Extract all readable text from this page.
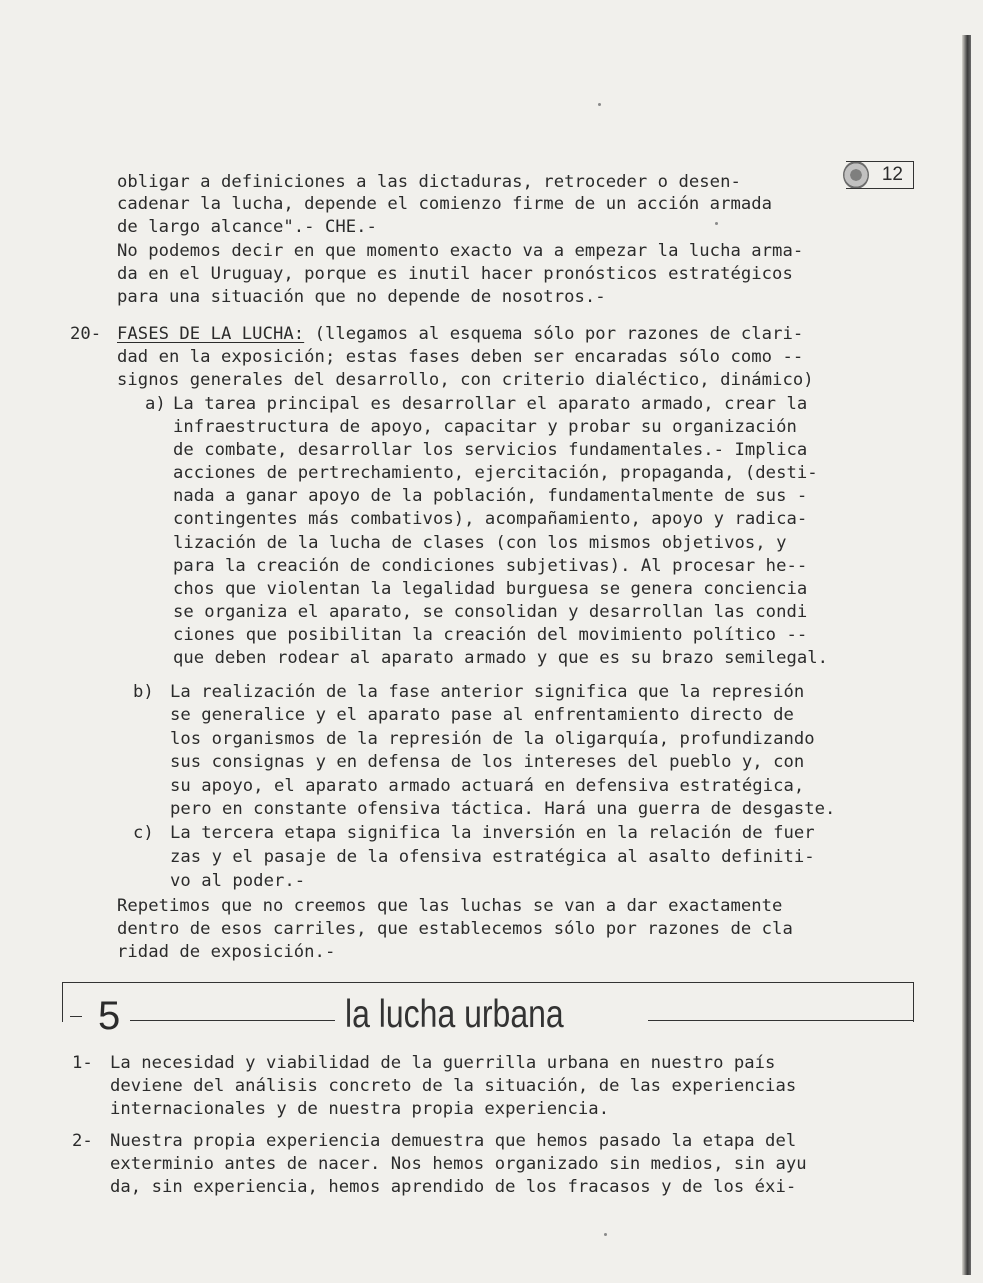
12
obligar a definiciones a las dictaduras, retroceder o desen-
cadenar la lucha, depende el comienzo firme de un acción armada
de largo alcance".- CHE.-
No podemos decir en que momento exacto va a empezar la lucha arma-
da en el Uruguay, porque es inutil hacer pronósticos estratégicos
para una situación que no depende de nosotros.-
20- FASES DE LA LUCHA: (llegamos al esquema sólo por razones de clari-
dad en la exposición; estas fases deben ser encaradas sólo como --
signos generales del desarrollo, con criterio dialéctico, dinámico)
a) La tarea principal es desarrollar el aparato armado, crear la
infraestructura de apoyo, capacitar y probar su organización
de combate, desarrollar los servicios fundamentales.- Implica
acciones de pertrechamiento, ejercitación, propaganda, (desti-
nada a ganar apoyo de la población, fundamentalmente de sus -
contingentes más combativos), acompañamiento, apoyo y radica-
lización de la lucha de clases (con los mismos objetivos, y
para la creación de condiciones subjetivas). Al procesar he--
chos que violentan la legalidad burguesa se genera conciencia
se organiza el aparato, se consolidan y desarrollan las condi
ciones que posibilitan la creación del movimiento político --
que deben rodear al aparato armado y que es su brazo semilegal.
b) La realización de la fase anterior significa que la represión
se generalice y el aparato pase al enfrentamiento directo de
los organismos de la represión de la oligarquía, profundizando
sus consignas y en defensa de los intereses del pueblo y, con
su apoyo, el aparato armado actuará en defensiva estratégica,
pero en constante ofensiva táctica. Hará una guerra de desgaste.
c) La tercera etapa significa la inversión en la relación de fuer
zas y el pasaje de la ofensiva estratégica al asalto definiti-
vo al poder.-
Repetimos que no creemos que las luchas se van a dar exactamente
dentro de esos carriles, que establecemos sólo por razones de cla
ridad de exposición.-
5	la lucha urbana
1- La necesidad y viabilidad de la guerrilla urbana en nuestro país
deviene del análisis concreto de la situación, de las experiencias
internacionales y de nuestra propia experiencia.
2- Nuestra propia experiencia demuestra que hemos pasado la etapa del
exterminio antes de nacer. Nos hemos organizado sin medios, sin ayu
da, sin experiencia, hemos aprendido de los fracasos y de los éxi-
